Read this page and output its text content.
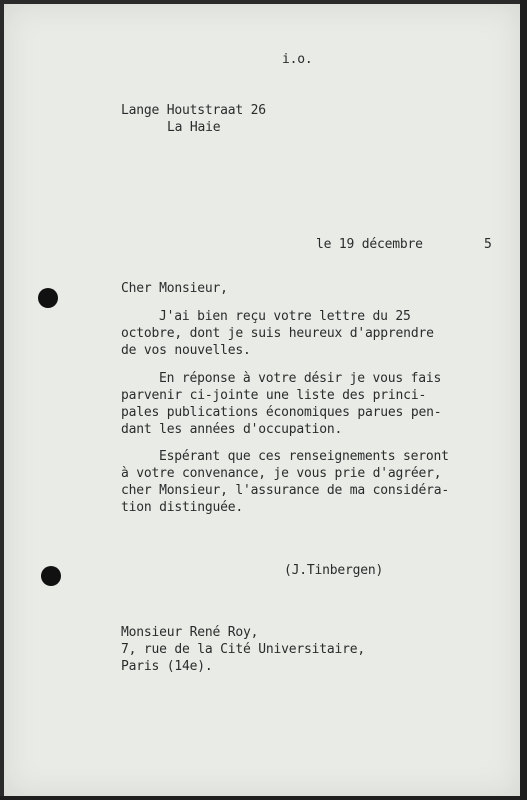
i.o.
Lange Houtstraat 26
La Haie
le 19 décembre	5
Cher Monsieur,
J'ai bien reçu votre lettre du 25
octobre, dont je suis heureux d'apprendre
de vos nouvelles.
En réponse à votre désir je vous fais
parvenir ci-jointe une liste des princi-
pales publications économiques parues pen-
dant les années d'occupation.
Espérant que ces renseignements seront
à votre convenance, je vous prie d'agréer,
cher Monsieur, l'assurance de ma considéra-
tion distinguée.
(J.Tinbergen)
Monsieur René Roy,
7, rue de la Cité Universitaire,
Paris (14e).
